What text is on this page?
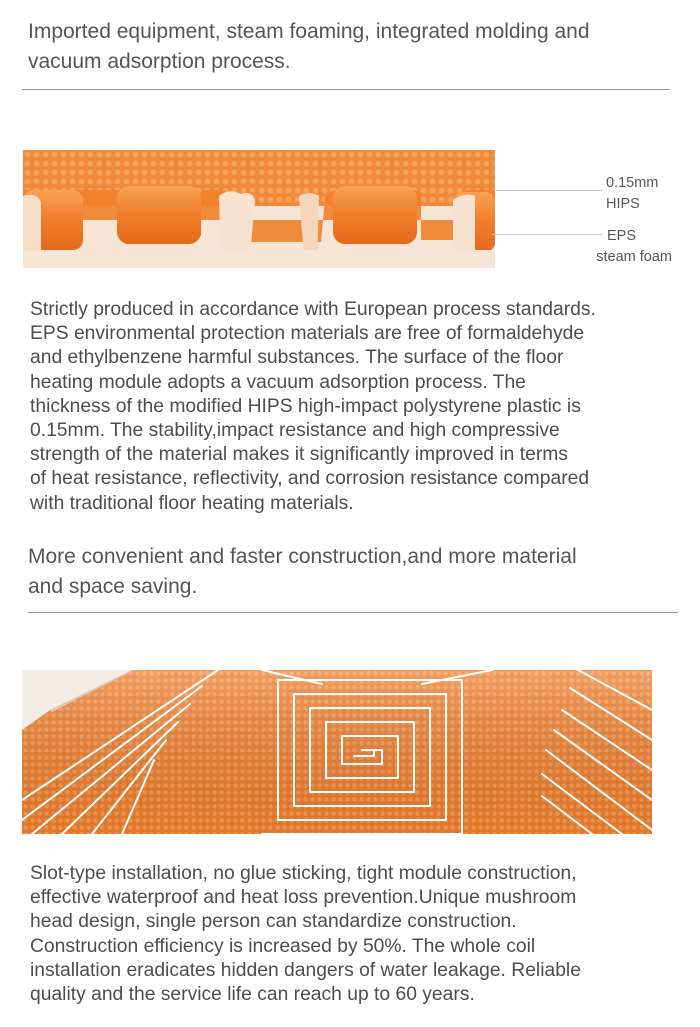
Imported equipment, steam foaming, integrated molding and
vacuum adsorption process.
0.15mm
HIPS
EPS
steam foam
Strictly produced in accordance with European process standards.
EPS environmental protection materials are free of formaldehyde
and ethylbenzene harmful substances. The surface of the floor
heating module adopts a vacuum adsorption process. The
thickness of the modified HIPS high-impact polystyrene plastic is
0.15mm. The stability,impact resistance and high compressive
strength of the material makes it significantly improved in terms
of heat resistance, reflectivity, and corrosion resistance compared
with traditional floor heating materials.
More convenient and faster construction,and more material
and space saving.
Slot-type installation, no glue sticking, tight module construction,
effective waterproof and heat loss prevention.Unique mushroom
head design, single person can standardize construction.
Construction efficiency is increased by 50%. The whole coil
installation eradicates hidden dangers of water leakage. Reliable
quality and the service life can reach up to 60 years.
